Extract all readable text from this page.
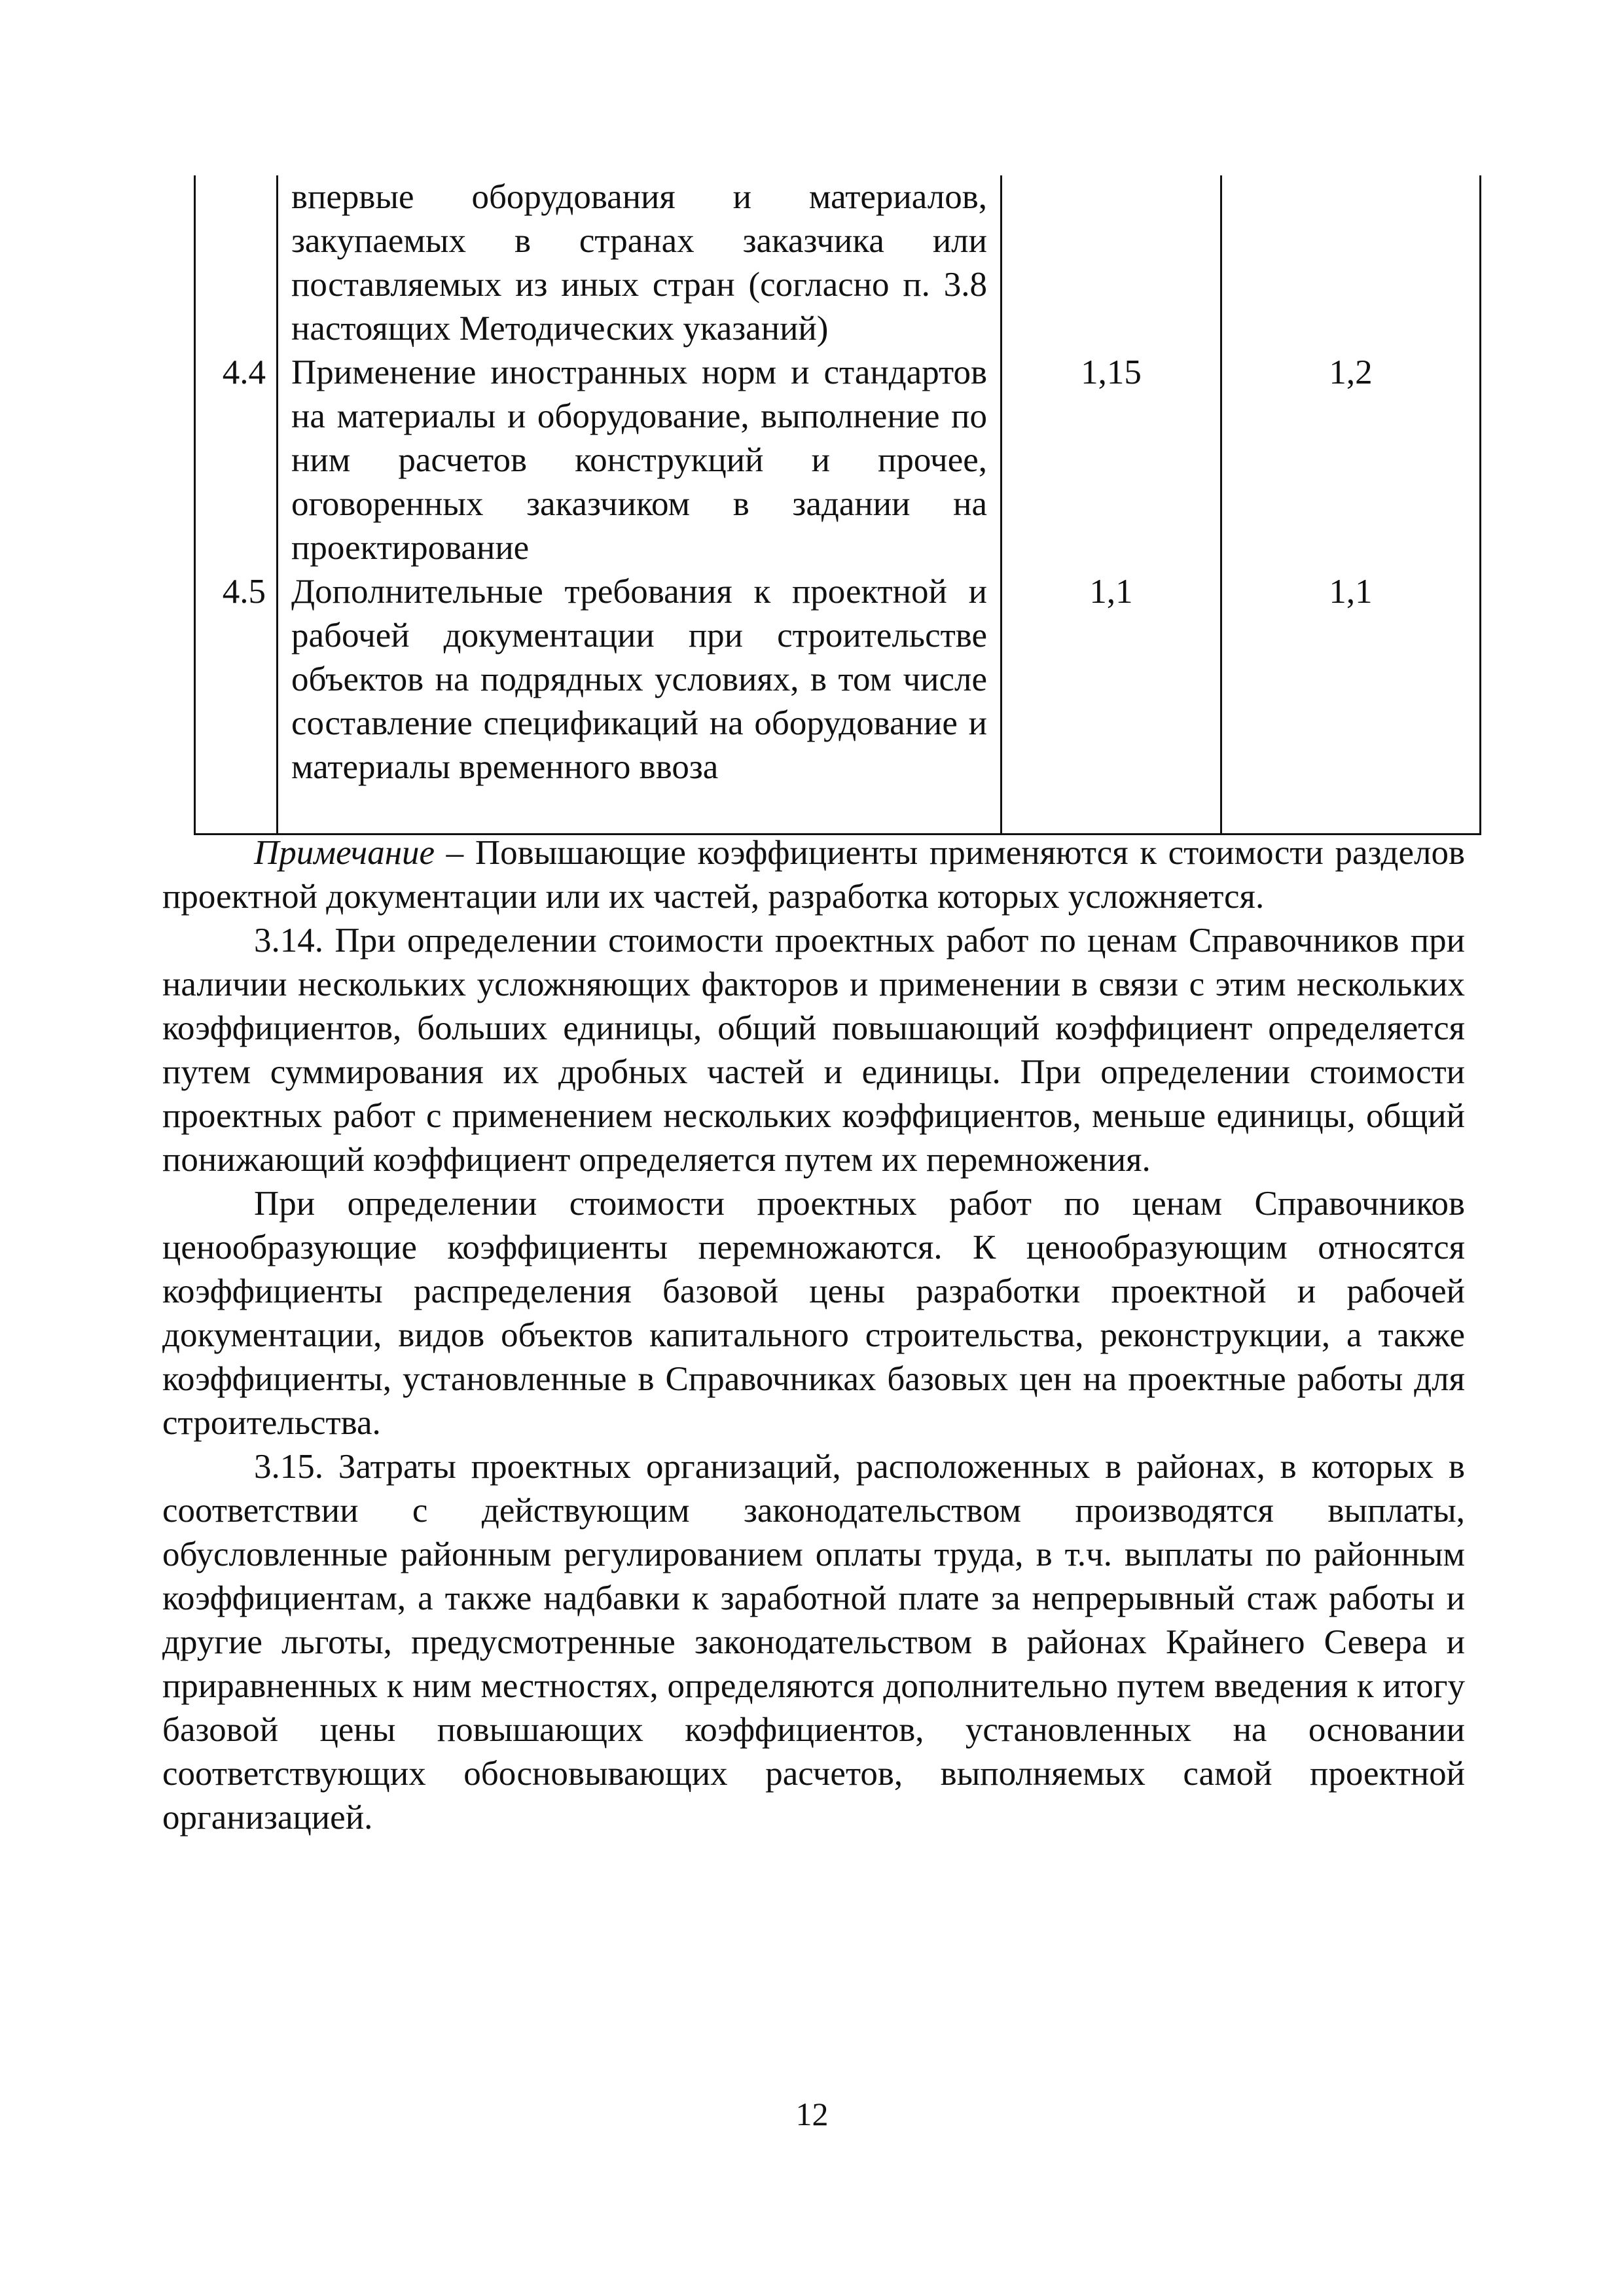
	впервые оборудования и материалов, закупаемых в странах заказчика или поставляемых из иных стран (согласно п. 3.8 настоящих Методических указаний)		

4.4	Применение иностранных норм и стандартов на материалы и оборудование, выполнение по ним расчетов конструкций и прочее, оговоренных заказчиком в задании на проектирование	1,15	1,2
4.5	Дополнительные требования к проектной и рабочей документации при строительстве объектов на подрядных условиях, в том числе составление спецификаций на оборудование и материалы временного ввоза	1,1	1,1

Примечание – Повышающие коэффициенты применяются к стоимости разделов проектной документации или их частей, разработка которых усложняется.

3.14. При определении стоимости проектных работ по ценам Справочников при наличии нескольких усложняющих факторов и применении в связи с этим нескольких коэффициентов, больших единицы, общий повышающий коэффициент определяется путем суммирования их дробных частей и единицы. При определении стоимости проектных работ с применением нескольких коэффициентов, меньше единицы, общий понижающий коэффициент определяется путем их перемножения.

При определении стоимости проектных работ по ценам Справочников ценообразующие коэффициенты перемножаются. К ценообразующим относятся коэффициенты распределения базовой цены разработки проектной и рабочей документации, видов объектов капитального строительства, реконструкции, а также коэффициенты, установленные в Справочниках базовых цен на проектные работы для строительства.

3.15. Затраты проектных организаций, расположенных в районах, в которых в соответствии с действующим законодательством производятся выплаты, обусловленные районным регулированием оплаты труда, в т.ч. выплаты по районным коэффициентам, а также надбавки к заработной плате за непрерывный стаж работы и другие льготы, предусмотренные законодательством в районах Крайнего Севера и приравненных к ним местностях, определяются дополнительно путем введения к итогу базовой цены повышающих коэффициентов, установленных на основании соответствующих обосновывающих расчетов, выполняемых самой проектной организацией.

12
